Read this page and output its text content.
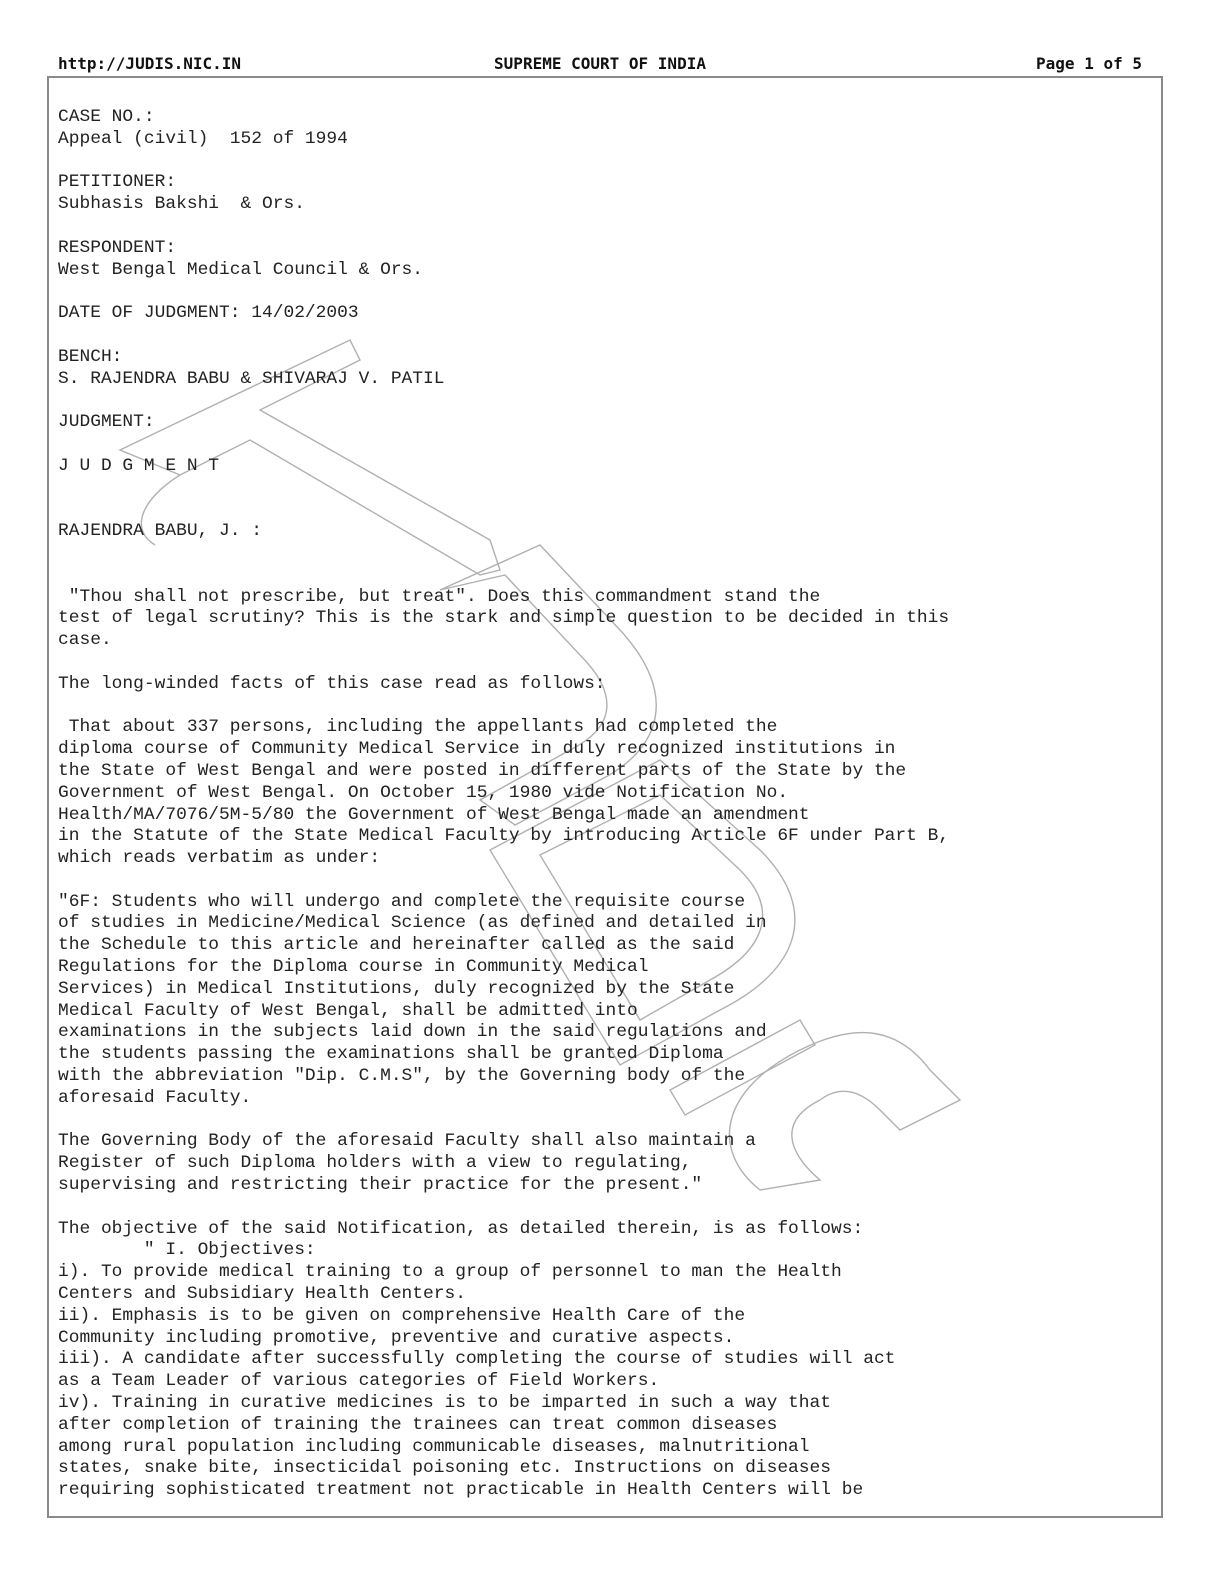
http://JUDIS.NIC.IN	SUPREME COURT OF INDIA	Page 1 of 5
CASE NO.:
Appeal (civil)  152 of 1994
PETITIONER:
Subhasis Bakshi  & Ors.
RESPONDENT:
West Bengal Medical Council & Ors.
DATE OF JUDGMENT: 14/02/2003
BENCH:
S. RAJENDRA BABU & SHIVARAJ V. PATIL
JUDGMENT:
J U D G M E N T
RAJENDRA BABU, J. :
"Thou shall not prescribe, but treat". Does this commandment stand the
test of legal scrutiny? This is the stark and simple question to be decided in this
case.
The long-winded facts of this case read as follows:
That about 337 persons, including the appellants had completed the
diploma course of Community Medical Service in duly recognized institutions in
the State of West Bengal and were posted in different parts of the State by the
Government of West Bengal. On October 15, 1980 vide Notification No.
Health/MA/7076/5M-5/80 the Government of West Bengal made an amendment
in the Statute of the State Medical Faculty by introducing Article 6F under Part B,
which reads verbatim as under:
"6F: Students who will undergo and complete the requisite course
of studies in Medicine/Medical Science (as defined and detailed in
the Schedule to this article and hereinafter called as the said
Regulations for the Diploma course in Community Medical
Services) in Medical Institutions, duly recognized by the State
Medical Faculty of West Bengal, shall be admitted into
examinations in the subjects laid down in the said regulations and
the students passing the examinations shall be granted Diploma
with the abbreviation "Dip. C.M.S", by the Governing body of the
aforesaid Faculty.
The Governing Body of the aforesaid Faculty shall also maintain a
Register of such Diploma holders with a view to regulating,
supervising and restricting their practice for the present."
The objective of the said Notification, as detailed therein, is as follows:
" I. Objectives:
i). To provide medical training to a group of personnel to man the Health
Centers and Subsidiary Health Centers.
ii). Emphasis is to be given on comprehensive Health Care of the
Community including promotive, preventive and curative aspects.
iii). A candidate after successfully completing the course of studies will act
as a Team Leader of various categories of Field Workers.
iv). Training in curative medicines is to be imparted in such a way that
after completion of training the trainees can treat common diseases
among rural population including communicable diseases, malnutritional
states, snake bite, insecticidal poisoning etc. Instructions on diseases
requiring sophisticated treatment not practicable in Health Centers will be
